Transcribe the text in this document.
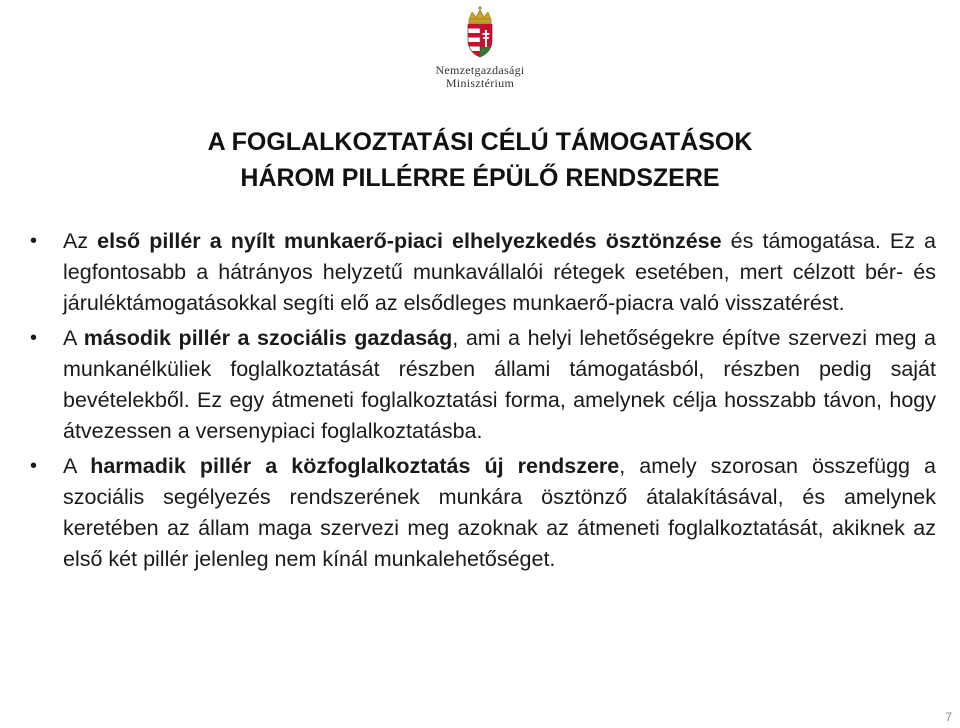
Nemzetgazdasági
Minisztérium
A FOGLALKOZTATÁSI CÉLÚ TÁMOGATÁSOK
HÁROM PILLÉRRE ÉPÜLŐ RENDSZERE
• Az első pillér a nyílt munkaerő-piaci elhelyezkedés ösztönzése és támogatása. Ez a legfontosabb a hátrányos helyzetű munkavállalói rétegek esetében, mert célzott bér- és járuléktámogatásokkal segíti elő az elsődleges munkaerő-piacra való visszatérést.
• A második pillér a szociális gazdaság, ami a helyi lehetőségekre építve szervezi meg a munkanélküliek foglalkoztatását részben állami támogatásból, részben pedig saját bevételekből. Ez egy átmeneti foglalkoztatási forma, amelynek célja hosszabb távon, hogy átvezessen a versenypiaci foglalkoztatásba.
• A harmadik pillér a közfoglalkoztatás új rendszere, amely szorosan összefügg a szociális segélyezés rendszerének munkára ösztönző átalakításával, és amelynek keretében az állam maga szervezi meg azoknak az átmeneti foglalkoztatását, akiknek az első két pillér jelenleg nem kínál munkalehetőséget.
7
